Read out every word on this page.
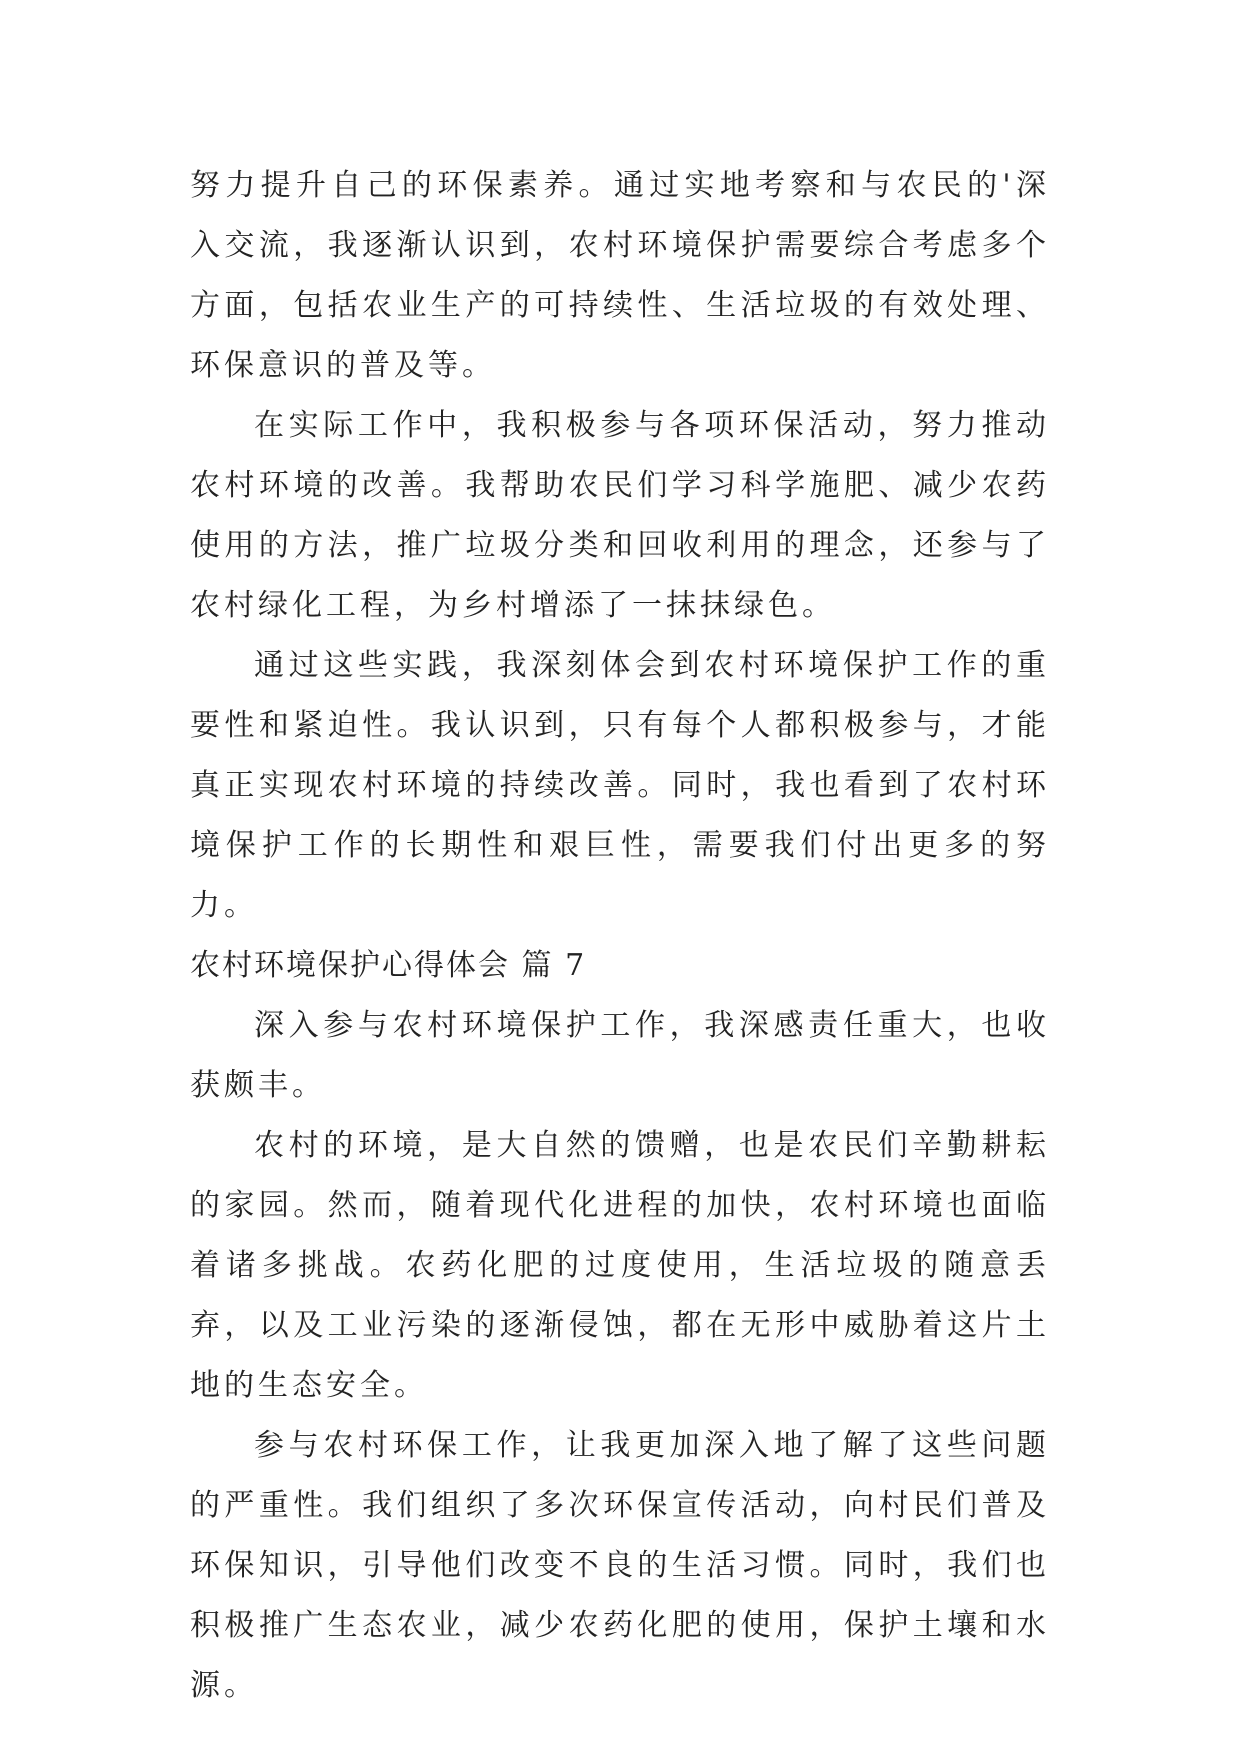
努力提升自己的环保素养。通过实地考察和与农民的'深入交流，我逐渐认识到，农村环境保护需要综合考虑多个方面，包括农业生产的可持续性、生活垃圾的有效处理、环保意识的普及等。

在实际工作中，我积极参与各项环保活动，努力推动农村环境的改善。我帮助农民们学习科学施肥、减少农药使用的方法，推广垃圾分类和回收利用的理念，还参与了农村绿化工程，为乡村增添了一抹抹绿色。

通过这些实践，我深刻体会到农村环境保护工作的重要性和紧迫性。我认识到，只有每个人都积极参与，才能真正实现农村环境的持续改善。同时，我也看到了农村环境保护工作的长期性和艰巨性，需要我们付出更多的努力。

农村环境保护心得体会 篇 7

深入参与农村环境保护工作，我深感责任重大，也收获颇丰。

农村的环境，是大自然的馈赠，也是农民们辛勤耕耘的家园。然而，随着现代化进程的加快，农村环境也面临着诸多挑战。农药化肥的过度使用，生活垃圾的随意丢弃，以及工业污染的逐渐侵蚀，都在无形中威胁着这片土地的生态安全。

参与农村环保工作，让我更加深入地了解了这些问题的严重性。我们组织了多次环保宣传活动，向村民们普及环保知识，引导他们改变不良的生活习惯。同时，我们也积极推广生态农业，减少农药化肥的使用，保护土壤和水源。
